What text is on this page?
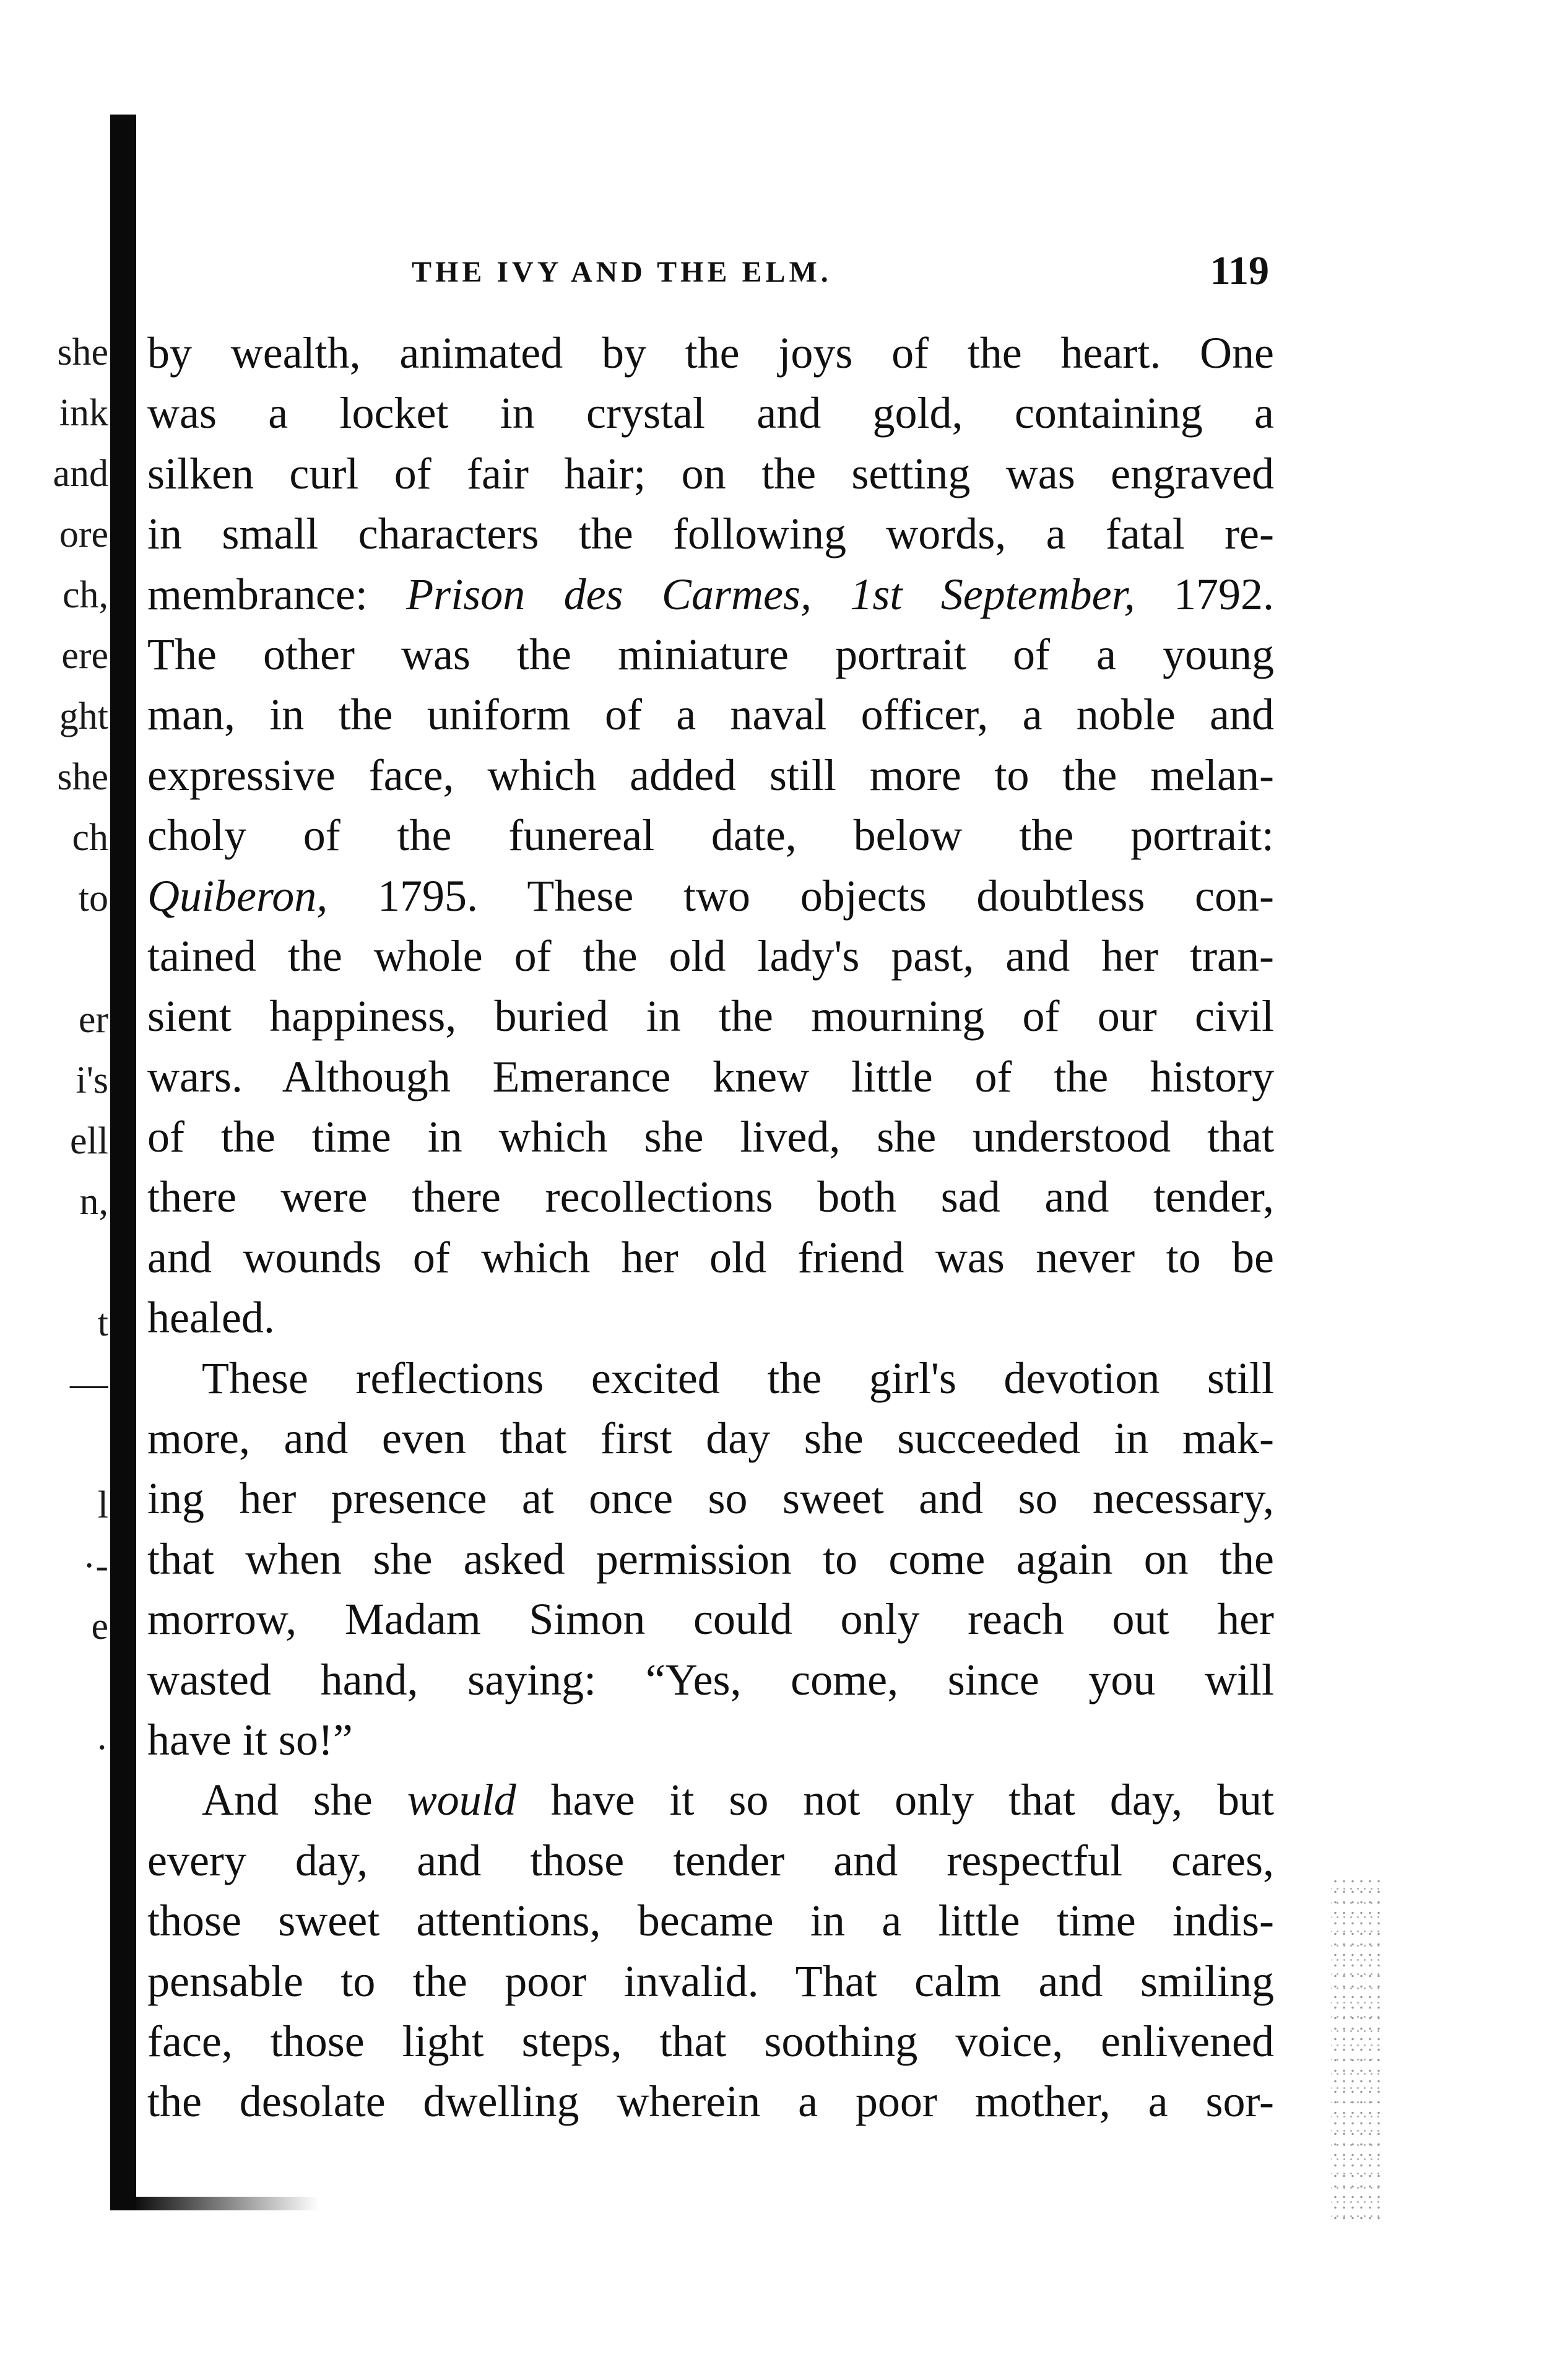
she
ink
and
ore
ch,
ere
ght
she
ch
to
er
i's
ell
n,
t
—
l
·-
e
·
THE IVY AND THE ELM.	119
by wealth, animated by the joys of the heart. One
was a locket in crystal and gold, containing a
silken curl of fair hair; on the setting was engraved
in small characters the following words, a fatal re-
membrance: Prison des Carmes, 1st September, 1792.
The other was the miniature portrait of a young
man, in the uniform of a naval officer, a noble and
expressive face, which added still more to the melan-
choly of the funereal date, below the portrait:
Quiberon, 1795. These two objects doubtless con-
tained the whole of the old lady's past, and her tran-
sient happiness, buried in the mourning of our civil
wars. Although Emerance knew little of the history
of the time in which she lived, she understood that
there were there recollections both sad and tender,
and wounds of which her old friend was never to be
healed.
These reflections excited the girl's devotion still
more, and even that first day she succeeded in mak-
ing her presence at once so sweet and so necessary,
that when she asked permission to come again on the
morrow, Madam Simon could only reach out her
wasted hand, saying: “Yes, come, since you will
have it so!”
And she would have it so not only that day, but
every day, and those tender and respectful cares,
those sweet attentions, became in a little time indis-
pensable to the poor invalid. That calm and smiling
face, those light steps, that soothing voice, enlivened
the desolate dwelling wherein a poor mother, a sor-
